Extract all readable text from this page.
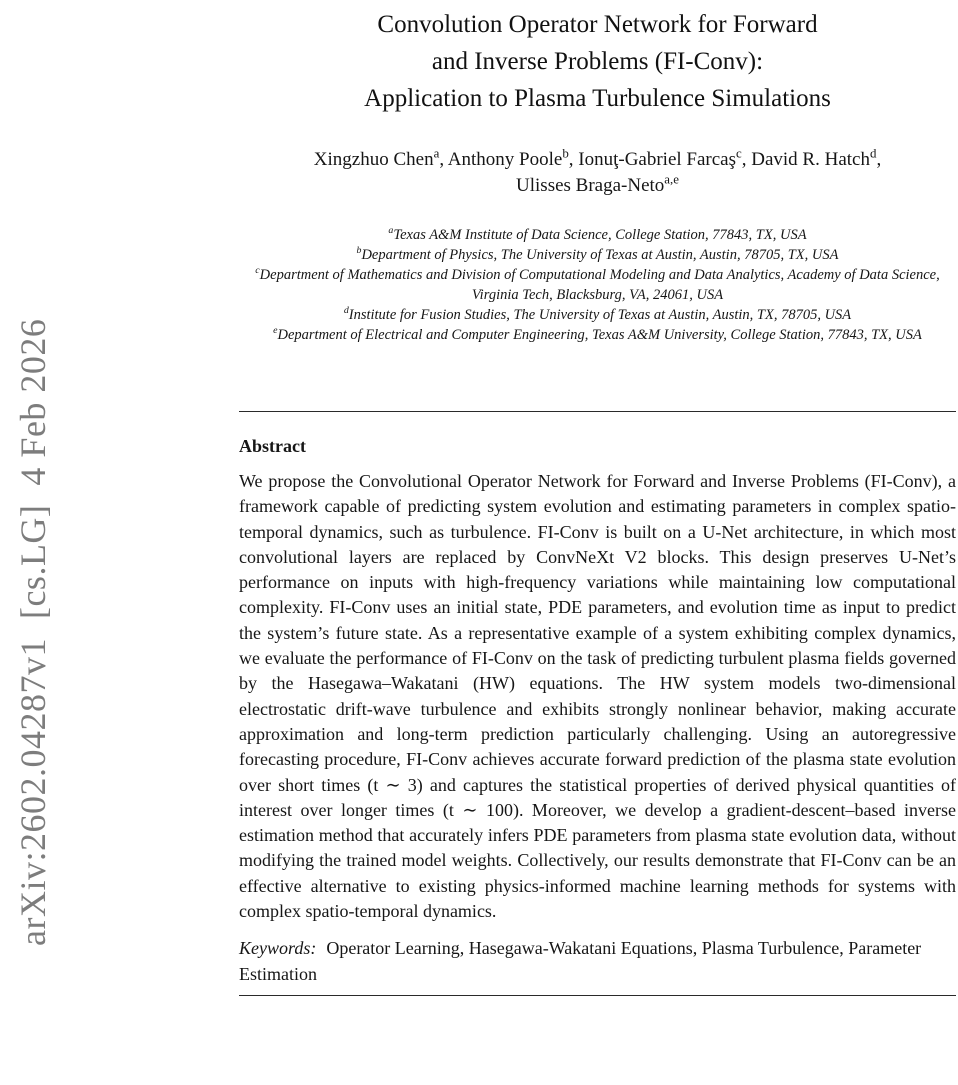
arXiv:2602.04287v1  [cs.LG]  4 Feb 2026
Convolution Operator Network for Forward
and Inverse Problems (FI-Conv):
Application to Plasma Turbulence Simulations
Xingzhuo Chen$^a$, Anthony Poole$^b$, Ionuţ-Gabriel Farcaş$^c$, David R. Hatch$^d$,
Ulisses Braga-Neto$^{a,e}$
$^a$Texas A&M Institute of Data Science, College Station, 77843, TX, USA
$^b$Department of Physics, The University of Texas at Austin, Austin, 78705, TX, USA
$^c$Department of Mathematics and Division of Computational Modeling and Data Analytics, Academy of Data Science, Virginia Tech, Blacksburg, VA, 24061, USA
$^d$Institute for Fusion Studies, The University of Texas at Austin, Austin, TX, 78705, USA
$^e$Department of Electrical and Computer Engineering, Texas A&M University, College Station, 77843, TX, USA
Abstract

We propose the Convolutional Operator Network for Forward and Inverse Problems (FI-Conv), a framework capable of predicting system evolution and estimating parameters in complex spatio-temporal dynamics, such as turbulence. FI-Conv is built on a U-Net architecture, in which most convolutional layers are replaced by ConvNeXt V2 blocks. This design preserves U-Net’s performance on inputs with high-frequency variations while maintaining low computational complexity. FI-Conv uses an initial state, PDE parameters, and evolution time as input to predict the system’s future state. As a representative example of a system exhibiting complex dynamics, we evaluate the performance of FI-Conv on the task of predicting turbulent plasma fields governed by the Hasegawa–Wakatani (HW) equations. The HW system models two-dimensional electrostatic drift-wave turbulence and exhibits strongly nonlinear behavior, making accurate approximation and long-term prediction particularly challenging. Using an autoregressive forecasting procedure, FI-Conv achieves accurate forward prediction of the plasma state evolution over short times (t ∼ 3) and captures the statistical properties of derived physical quantities of interest over longer times (t ∼ 100). Moreover, we develop a gradient-descent–based inverse estimation method that accurately infers PDE parameters from plasma state evolution data, without modifying the trained model weights. Collectively, our results demonstrate that FI-Conv can be an effective alternative to existing physics-informed machine learning methods for systems with complex spatio-temporal dynamics.

Keywords: Operator Learning, Hasegawa-Wakatani Equations, Plasma Turbulence, Parameter Estimation
